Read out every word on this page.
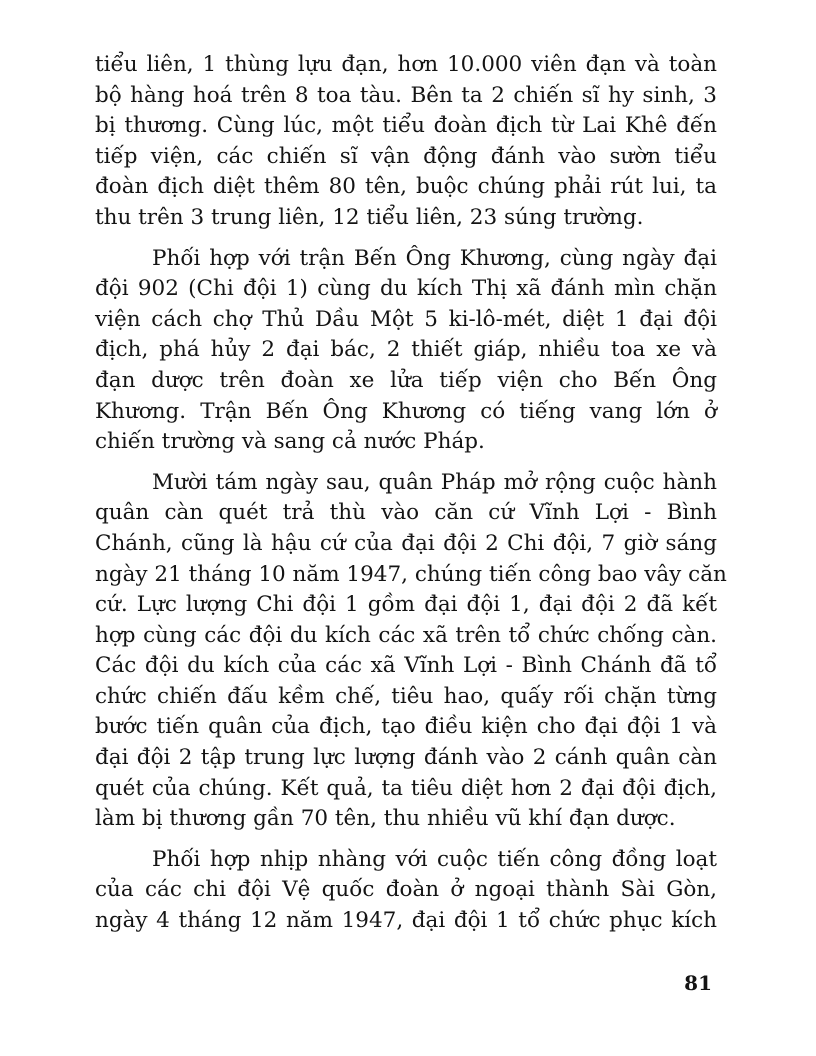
tiểu liên, 1 thùng lựu đạn, hơn 10.000 viên đạn và toàn
bộ hàng hoá trên 8 toa tàu. Bên ta 2 chiến sĩ hy sinh, 3
bị thương. Cùng lúc, một tiểu đoàn địch từ Lai Khê đến
tiếp viện, các chiến sĩ vận động đánh vào sườn tiểu
đoàn địch diệt thêm 80 tên, buộc chúng phải rút lui, ta
thu trên 3 trung liên, 12 tiểu liên, 23 súng trường.
Phối hợp với trận Bến Ông Khương, cùng ngày đại
đội 902 (Chi đội 1) cùng du kích Thị xã đánh mìn chặn
viện cách chợ Thủ Dầu Một 5 ki-lô-mét, diệt 1 đại đội
địch, phá hủy 2 đại bác, 2 thiết giáp, nhiều toa xe và
đạn dược trên đoàn xe lửa tiếp viện cho Bến Ông
Khương. Trận Bến Ông Khương có tiếng vang lớn ở
chiến trường và sang cả nước Pháp.
Mười tám ngày sau, quân Pháp mở rộng cuộc hành
quân càn quét trả thù vào căn cứ Vĩnh Lợi - Bình
Chánh, cũng là hậu cứ của đại đội 2 Chi đội, 7 giờ sáng
ngày 21 tháng 10 năm 1947, chúng tiến công bao vây căn
cứ. Lực lượng Chi đội 1 gồm đại đội 1, đại đội 2 đã kết
hợp cùng các đội du kích các xã trên tổ chức chống càn.
Các đội du kích của các xã Vĩnh Lợi - Bình Chánh đã tổ
chức chiến đấu kềm chế, tiêu hao, quấy rối chặn từng
bước tiến quân của địch, tạo điều kiện cho đại đội 1 và
đại đội 2 tập trung lực lượng đánh vào 2 cánh quân càn
quét của chúng. Kết quả, ta tiêu diệt hơn 2 đại đội địch,
làm bị thương gần 70 tên, thu nhiều vũ khí đạn dược.
Phối hợp nhịp nhàng với cuộc tiến công đồng loạt
của các chi đội Vệ quốc đoàn ở ngoại thành Sài Gòn,
ngày 4 tháng 12 năm 1947, đại đội 1 tổ chức phục kích
81
